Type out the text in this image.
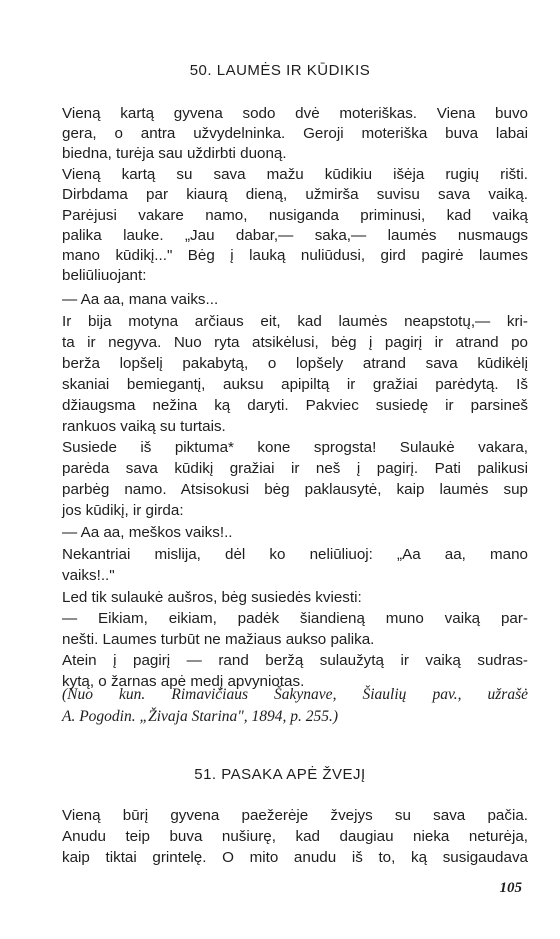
50. LAUMĖS IR KŪDIKIS
Vieną kartą gyvena sodo dvė moteriškas. Viena buvo
gera, o antra užvydelninka. Geroji moteriška buva labai
biedna, turėja sau uždirbti duoną.
Vieną kartą su sava mažu kūdikiu išėja rugių rišti.
Dirbdama par kiaurą dieną, užmirša suvisu sava vaiką.
Parėjusi vakare namo, nusiganda priminusi, kad vaiką
palika lauke. „Jau dabar,— saka,— laumės nusmaugs
mano kūdikį..." Bėg į lauką nuliūdusi, gird pagirė laumes
beliūliuojant:
— Aa aa, mana vaiks...
Ir bija motyna arčiaus eit, kad laumės neapstotų,— kri-
ta ir negyva. Nuo ryta atsikėlusi, bėg į pagirį ir atrand po
berža lopšelį pakabytą, o lopšely atrand sava kūdikėlį
skaniai bemiegantį, auksu apipiltą ir gražiai parėdytą. Iš
džiaugsma nežina ką daryti. Pakviec susiedę ir parsineš
rankuos vaiką su turtais.
Susiede iš piktuma* kone sprogsta! Sulaukė vakara,
parėda sava kūdikį gražiai ir neš į pagirį. Pati palikusi
parbėg namo. Atsisokusi bėg paklausytė, kaip laumės sup
jos kūdikį, ir girda:
— Aa aa, meškos vaiks!..
Nekantriai mislija, dėl ko neliūliuoj: „Aa aa, mano
vaiks!.."
Led tik sulaukė aušros, bėg susiedės kviesti:
— Eikiam, eikiam, padėk šiandieną muno vaiką par-
nešti. Laumes turbūt ne mažiaus aukso palika.
Atein į pagirį — rand beržą sulaužytą ir vaiką sudras-
kytą, o žarnas apė medį apvyniotas.
(Nuo kun. Rimavičiaus Šakynave, Šiaulių pav., užrašė
A. Pogodin. „Živaja Starina", 1894, p. 255.)
51. PASAKA APĖ ŽVEJĮ
Vieną būrį gyvena paežerėje žvejys su sava pačia.
Anudu teip buva nušiurę, kad daugiau nieka neturėja,
kaip tiktai grintelę. O mito anudu iš to, ką susigaudava
105
